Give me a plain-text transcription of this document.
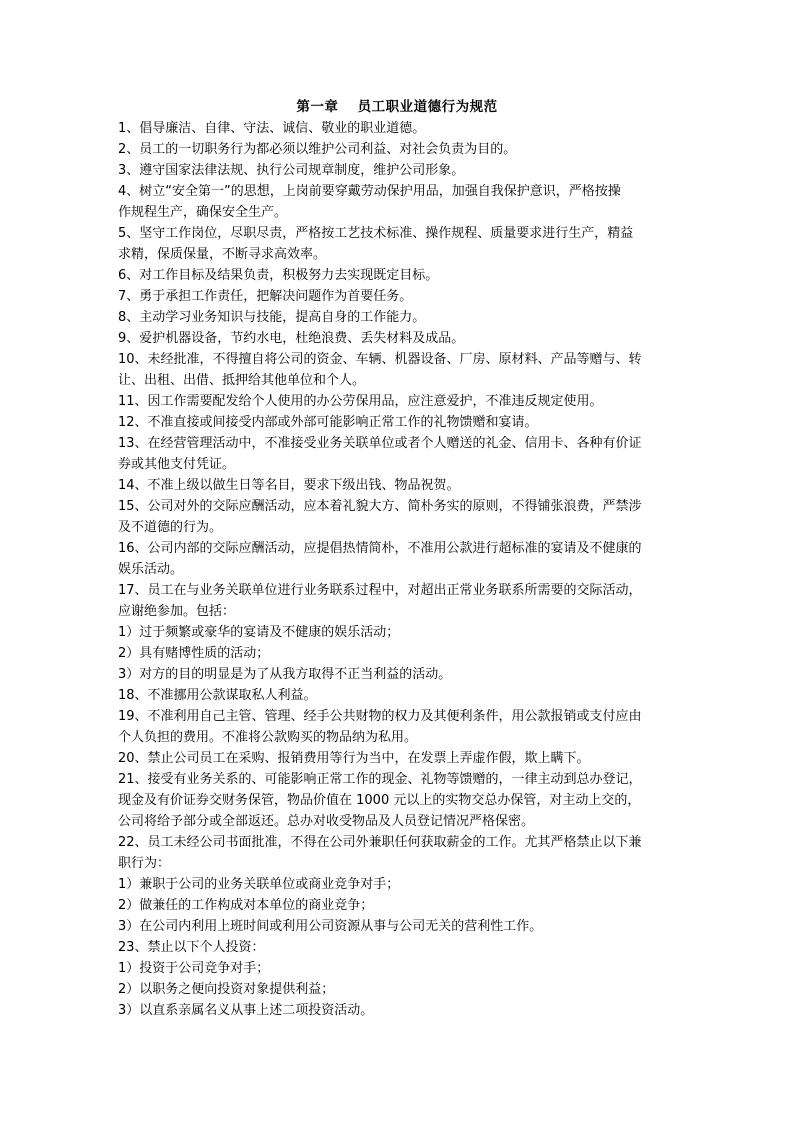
第一章　 员工职业道德行为规范
1、倡导廉洁、自律、守法、诚信、敬业的职业道德。
2、员工的一切职务行为都必须以维护公司利益、对社会负责为目的。
3、遵守国家法律法规、执行公司规章制度，维护公司形象。
4、树立“安全第一”的思想，上岗前要穿戴劳动保护用品，加强自我保护意识，严格按操
作规程生产，确保安全生产。
5、坚守工作岗位，尽职尽责，严格按工艺技术标准、操作规程、质量要求进行生产，精益
求精，保质保量，不断寻求高效率。
6、对工作目标及结果负责，积极努力去实现既定目标。
7、勇于承担工作责任，把解决问题作为首要任务。
8、主动学习业务知识与技能，提高自身的工作能力。
9、爱护机器设备，节约水电，杜绝浪费、丢失材料及成品。
10、未经批准，不得擅自将公司的资金、车辆、机器设备、厂房、原材料、产品等赠与、转
让、出租、出借、抵押给其他单位和个人。
11、因工作需要配发给个人使用的办公劳保用品，应注意爱护，不准违反规定使用。
12、不准直接或间接受内部或外部可能影响正常工作的礼物馈赠和宴请。
13、在经营管理活动中，不准接受业务关联单位或者个人赠送的礼金、信用卡、各种有价证
券或其他支付凭证。
14、不准上级以做生日等名目，要求下级出钱、物品祝贺。
15、公司对外的交际应酬活动，应本着礼貌大方、简朴务实的原则，不得铺张浪费，严禁涉
及不道德的行为。
16、公司内部的交际应酬活动，应提倡热情简朴，不准用公款进行超标准的宴请及不健康的
娱乐活动。
17、员工在与业务关联单位进行业务联系过程中，对超出正常业务联系所需要的交际活动，
应谢绝参加。包括：
1）过于频繁或豪华的宴请及不健康的娱乐活动；
2）具有赌博性质的活动；
3）对方的目的明显是为了从我方取得不正当利益的活动。
18、不准挪用公款谋取私人利益。
19、不准利用自己主管、管理、经手公共财物的权力及其便利条件，用公款报销或支付应由
个人负担的费用。不准将公款购买的物品纳为私用。
20、禁止公司员工在采购、报销费用等行为当中，在发票上弄虚作假，欺上瞒下。
21、接受有业务关系的、可能影响正常工作的现金、礼物等馈赠的，一律主动到总办登记，
现金及有价证券交财务保管，物品价值在 1000 元以上的实物交总办保管，对主动上交的，
公司将给予部分或全部返还。总办对收受物品及人员登记情况严格保密。
22、员工未经公司书面批准，不得在公司外兼职任何获取薪金的工作。尤其严格禁止以下兼
职行为：
1）兼职于公司的业务关联单位或商业竞争对手；
2）做兼任的工作构成对本单位的商业竞争；
3）在公司内利用上班时间或利用公司资源从事与公司无关的营利性工作。
23、禁止以下个人投资：
1）投资于公司竞争对手；
2）以职务之便向投资对象提供利益；
3）以直系亲属名义从事上述二项投资活动。
